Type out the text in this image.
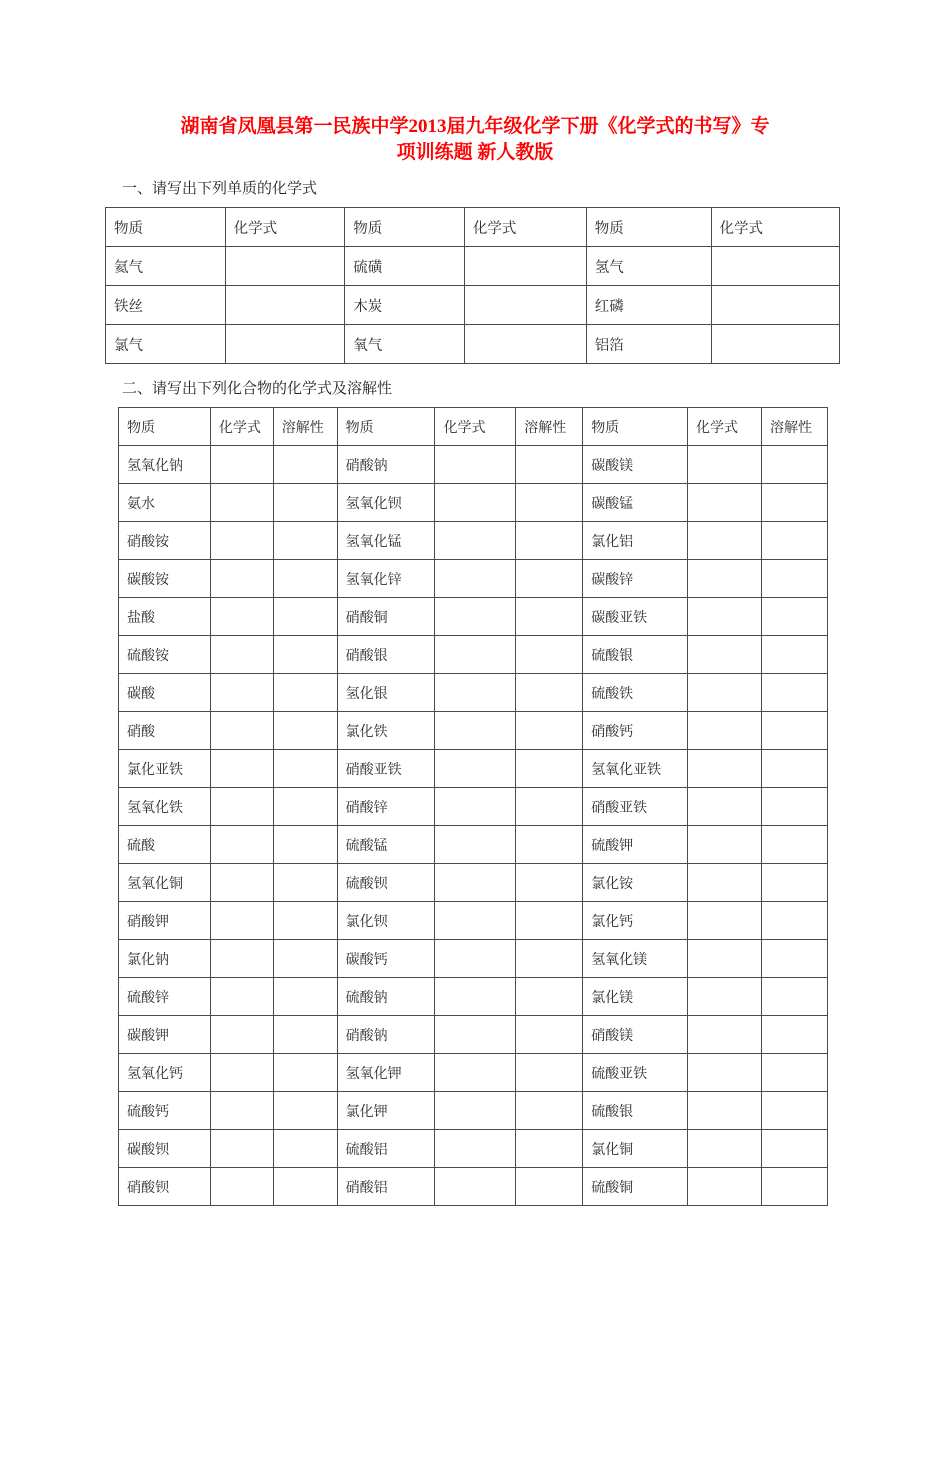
湖南省凤凰县第一民族中学2013届九年级化学下册《化学式的书写》专
项训练题 新人教版
一、请写出下列单质的化学式
物质	化学式	物质	化学式	物质	化学式
氦气		硫磺		氢气	
铁丝		木炭		红磷	
氯气		氧气		铝箔	
二、请写出下列化合物的化学式及溶解性
物质	化学式	溶解性	物质	化学式	溶解性	物质	化学式	溶解性
氢氧化钠			硝酸钠			碳酸镁		
氨水			氢氧化钡			碳酸锰		
硝酸铵			氢氧化锰			氯化铝		
碳酸铵			氢氧化锌			碳酸锌		
盐酸			硝酸铜			碳酸亚铁		
硫酸铵			硝酸银			硫酸银		
碳酸			氢化银			硫酸铁		
硝酸			氯化铁			硝酸钙		
氯化亚铁			硝酸亚铁			氢氧化亚铁		
氢氧化铁			硝酸锌			硝酸亚铁		
硫酸			硫酸锰			硫酸钾		
氢氧化铜			硫酸钡			氯化铵		
硝酸钾			氯化钡			氯化钙		
氯化钠			碳酸钙			氢氧化镁		
硫酸锌			硫酸钠			氯化镁		
碳酸钾			硝酸钠			硝酸镁		
氢氧化钙			氢氧化钾			硫酸亚铁		
硫酸钙			氯化钾			硫酸银		
碳酸钡			硫酸铝			氯化铜		
硝酸钡			硝酸铝			硫酸铜		
